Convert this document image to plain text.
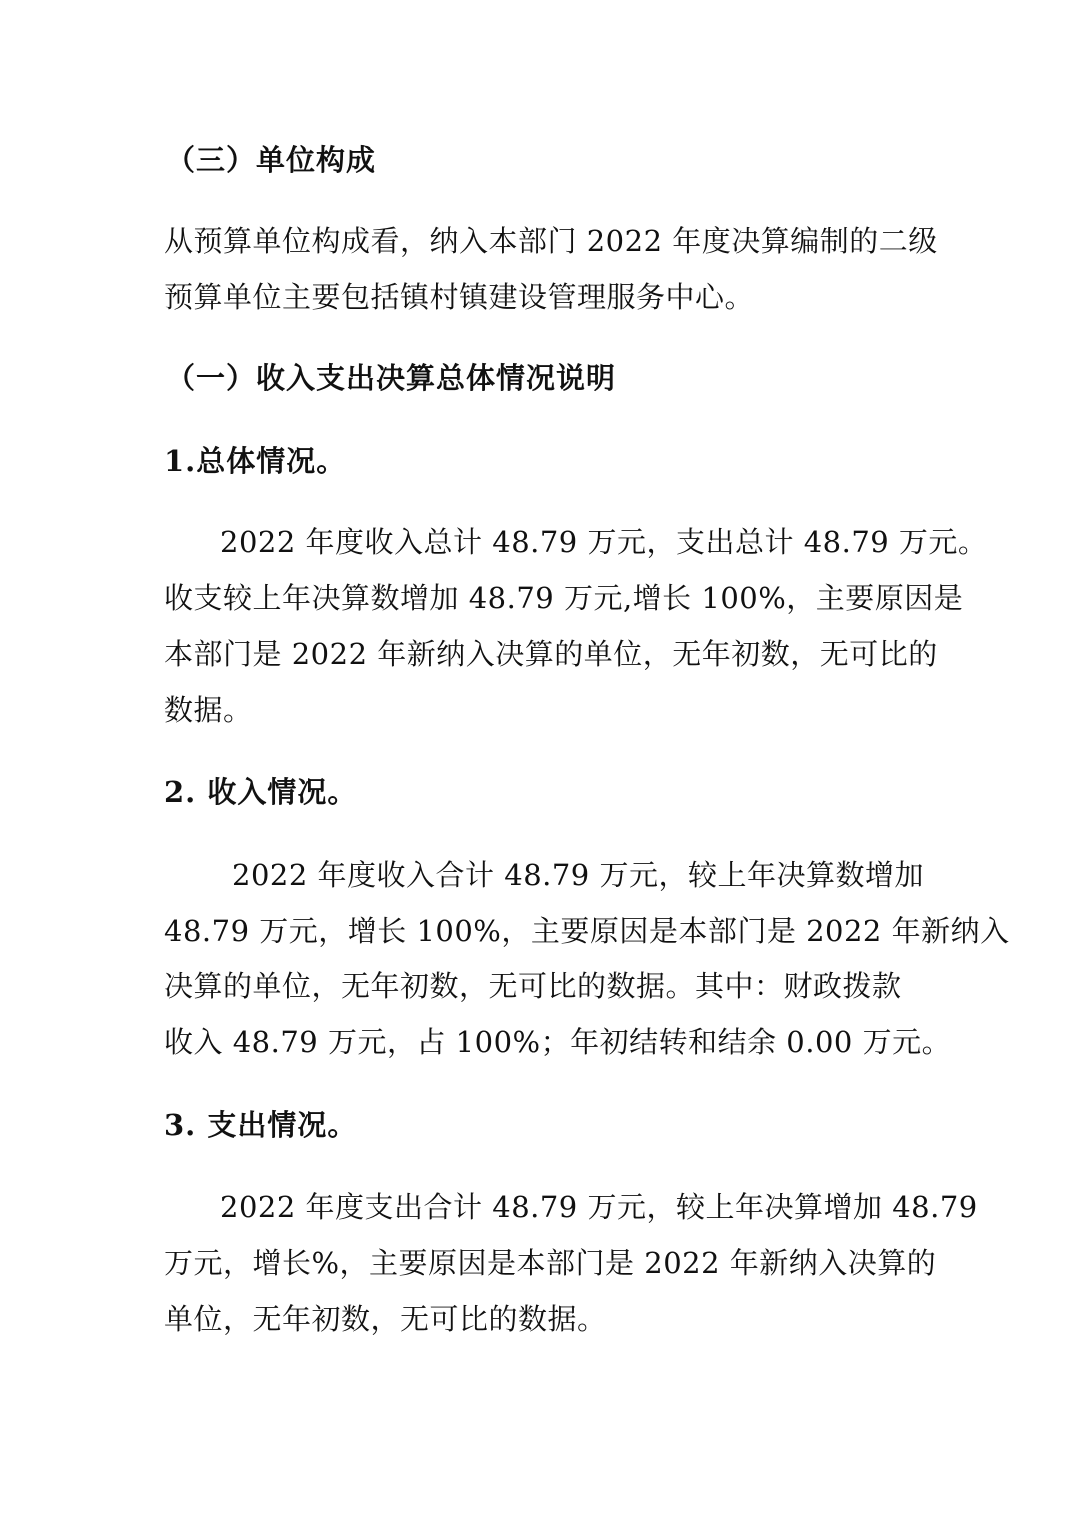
（三）单位构成
从预算单位构成看，纳入本部门 2022 年度决算编制的二级
预算单位主要包括镇村镇建设管理服务中心。
（一）收入支出决算总体情况说明
1.总体情况。
2022 年度收入总计 48.79 万元，支出总计 48.79 万元。
收支较上年决算数增加 48.79 万元,增长 100%，主要原因是
本部门是 2022 年新纳入决算的单位，无年初数，无可比的
数据。
2. 收入情况。
2022 年度收入合计 48.79 万元，较上年决算数增加
48.79 万元，增长 100%，主要原因是本部门是 2022 年新纳入
决算的单位，无年初数，无可比的数据。其中：财政拨款
收入 48.79 万元，占 100%；年初结转和结余 0.00 万元。
3. 支出情况。
2022 年度支出合计 48.79 万元，较上年决算增加 48.79
万元，增长%，主要原因是本部门是 2022 年新纳入决算的
单位，无年初数，无可比的数据。
